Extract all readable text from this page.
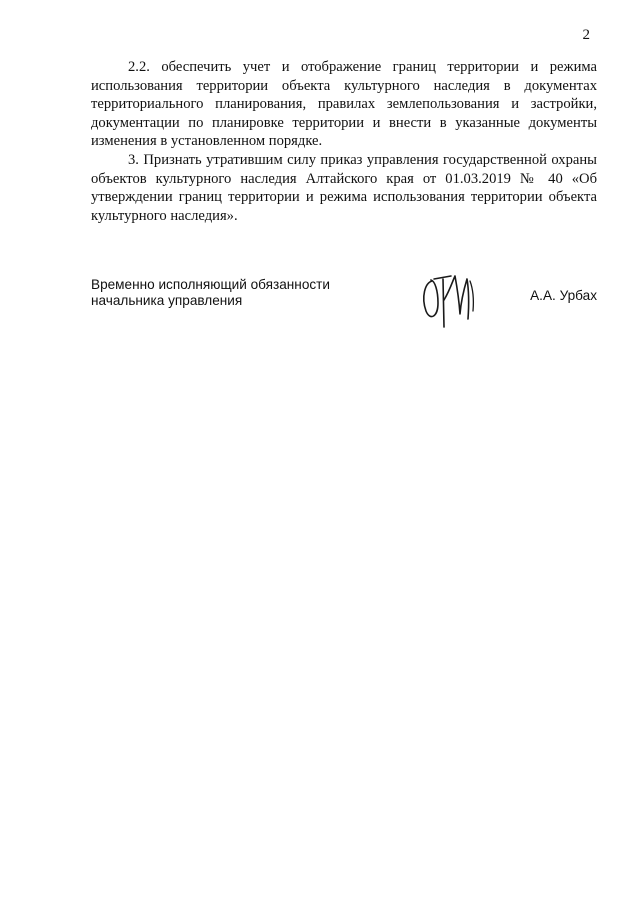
2

2.2. обеспечить учет и отображение границ территории и режима использования территории объекта культурного наследия в документах территориального планирования, правилах землепользования и застройки, документации по планировке территории и внести в указанные документы изменения в установленном порядке.

3. Признать утратившим силу приказ управления государственной охраны объектов культурного наследия Алтайского края от 01.03.2019 № 40 «Об утверждении границ территории и режима использования территории объекта культурного наследия».

Временно исполняющий обязанности
начальника управления	А.А. Урбах
